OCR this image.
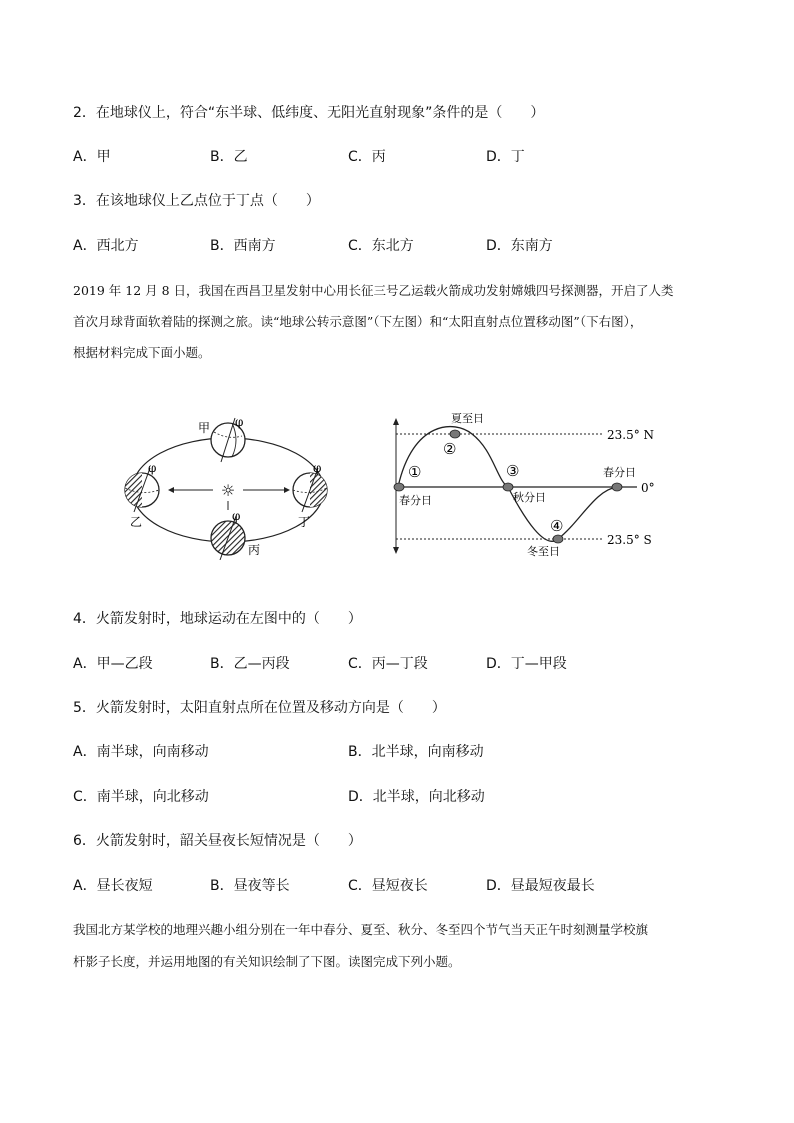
2．在地球仪上，符合“东半球、低纬度、无阳光直射现象”条件的是（　　）
A．甲	B．乙	C．丙	D．丁
3．在该地球仪上乙点位于丁点（　　）
A．西北方	B．西南方	C．东北方	D．东南方
2019 年 12 月 8 日，我国在西昌卫星发射中心用长征三号乙运载火箭成功发射嫦娥四号探测器，开启了人类
首次月球背面软着陆的探测之旅。读“地球公转示意图”（下左图）和“太阳直射点位置移动图”（下右图），
根据材料完成下面小题。
☼
φ
甲
φ
乙	φ
丙
φ
丁
①
②
③
④
春分日
夏至日
秋分日
冬至日
春分日
23.5° N
0°
23.5° S
4．火箭发射时，地球运动在左图中的（　　）
A．甲—乙段	B．乙—丙段	C．丙—丁段	D．丁—甲段
5．火箭发射时，太阳直射点所在位置及移动方向是（　　）
A．南半球，向南移动	B．北半球，向南移动
C．南半球，向北移动	D．北半球，向北移动
6．火箭发射时，韶关昼夜长短情况是（　　）
A．昼长夜短	B．昼夜等长	C．昼短夜长	D．昼最短夜最长
我国北方某学校的地理兴趣小组分别在一年中春分、夏至、秋分、冬至四个节气当天正午时刻测量学校旗
杆影子长度，并运用地图的有关知识绘制了下图。读图完成下列小题。
